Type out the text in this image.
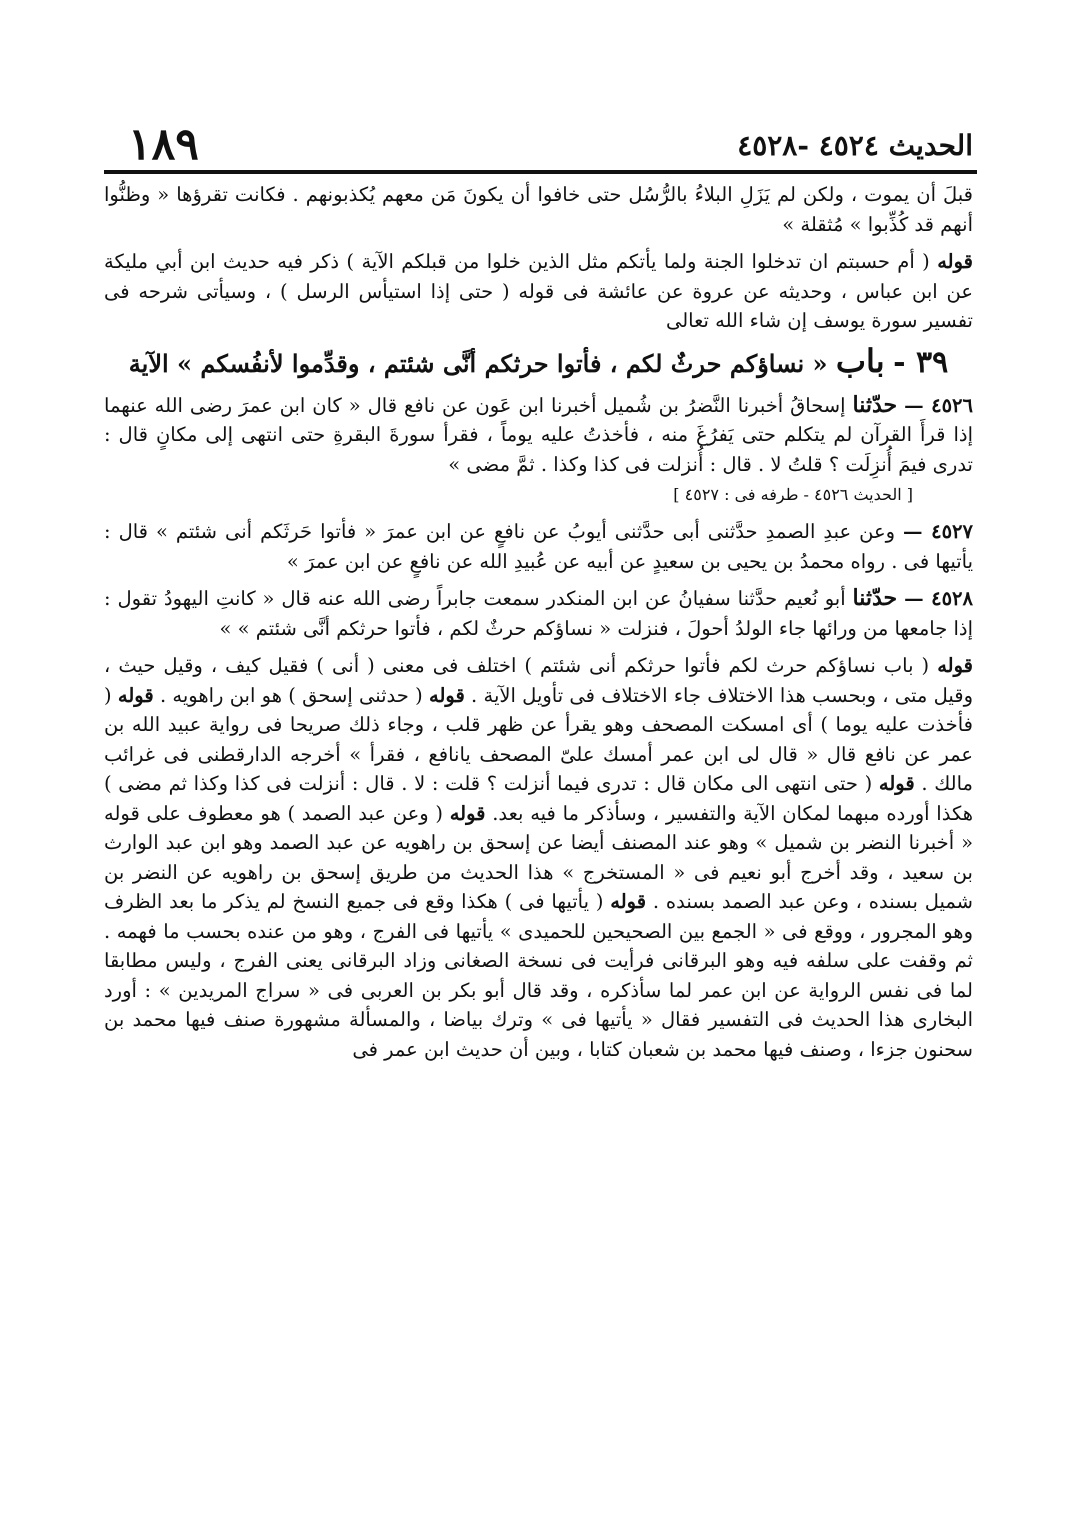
١٨٩	الحديث ٤٥٢٤ -٤٥٢٨

قبلَ أن يموت ، ولكن لم يَزَلِ البلاءُ بالرُّسُل حتى خافوا أن يكونَ مَن معهم يُكذبونهم . فكانت تقرؤها « وظنُّوا أنهم قد كُذِّبوا » مُثقلة »

قوله ( أم حسبتم ان تدخلوا الجنة ولما يأتكم مثل الذين خلوا من قبلكم الآية ) ذكر فيه حديث ابن أبي مليكة عن ابن عباس ، وحديثه عن عروة عن عائشة فى قوله ( حتى إذا استيأس الرسل ) ، وسيأتى شرحه فى تفسير سورة يوسف إن شاء الله تعالى

٣٩ - باب « نساؤكم حرثٌ لكم ، فأتوا حرثكم أنَّى شئتم ، وقدِّموا لأنفُسكم » الآية

٤٥٢٦ — حدّثنا إسحاقُ أخبرنا النَّضرُ بن شُميل أخبرنا ابن عَون عن نافع قال « كان ابن عمرَ رضى الله عنهما إذا قرأَ القرآن لم يتكلم حتى يَفرُغَ منه ، فأخذتُ عليه يوماً ، فقرأ سورةَ البقرةِ حتى انتهى إلى مكانٍ قال : تدرى فيمَ أُنزِلَت ؟ قلتُ لا . قال : أُنزلت فى كذا وكذا . ثمَّ مضى »

[ الحديث ٤٥٢٦ - طرفه فى : ٤٥٢٧ ]

٤٥٢٧ — وعن عبدِ الصمدِ حدَّثنى أبى حدَّثنى أيوبُ عن نافعٍ عن ابن عمرَ « فأتوا حَرثَكم أنى شئتم » قال : يأتيها فى . رواه محمدُ بن يحيى بن سعيدٍ عن أبيه عن عُبيدِ الله عن نافعٍ عن ابن عمرَ »

٤٥٢٨ — حدّثنا أبو نُعيم حدَّثنا سفيانُ عن ابن المنكدر سمعت جابراً رضى الله عنه قال « كانتِ اليهودُ تقول : إذا جامعها من ورائها جاء الولدُ أحولَ ، فنزلت « نساؤكم حرثٌ لكم ، فأتوا حرثكم أنَّى شئتم » »

قوله ( باب نساؤكم حرث لكم فأتوا حرثكم أنى شئتم ) اختلف فى معنى ( أنى ) فقيل كيف ، وقيل حيث ، وقيل متى ، وبحسب هذا الاختلاف جاء الاختلاف فى تأويل الآية . قوله ( حدثنى إسحق ) هو ابن راهويه . قوله ( فأخذت عليه يوما ) أى امسكت المصحف وهو يقرأ عن ظهر قلب ، وجاء ذلك صريحا فى رواية عبيد الله بن عمر عن نافع قال « قال لى ابن عمر أمسك علىّ المصحف يانافع ، فقرأ » أخرجه الدارقطنى فى غرائب مالك . قوله ( حتى انتهى الى مكان قال : تدرى فيما أنزلت ؟ قلت : لا . قال : أنزلت فى كذا وكذا ثم مضى ) هكذا أورده مبهما لمكان الآية والتفسير ، وسأذكر ما فيه بعد. قوله ( وعن عبد الصمد ) هو معطوف على قوله « أخبرنا النضر بن شميل » وهو عند المصنف أيضا عن إسحق بن راهويه عن عبد الصمد وهو ابن عبد الوارث بن سعيد ، وقد أخرج أبو نعيم فى « المستخرج » هذا الحديث من طريق إسحق بن راهويه عن النضر بن شميل بسنده ، وعن عبد الصمد بسنده . قوله ( يأتيها فى ) هكذا وقع فى جميع النسخ لم يذكر ما بعد الظرف وهو المجرور ، ووقع فى « الجمع بين الصحيحين للحميدى » يأتيها فى الفرج ، وهو من عنده بحسب ما فهمه . ثم وقفت على سلفه فيه وهو البرقانى فرأيت فى نسخة الصغانى وزاد البرقانى يعنى الفرج ، وليس مطابقا لما فى نفس الرواية عن ابن عمر لما سأذكره ، وقد قال أبو بكر بن العربى فى « سراج المريدين » : أورد البخارى هذا الحديث فى التفسير فقال « يأتيها فى » وترك بياضا ، والمسألة مشهورة صنف فيها محمد بن سحنون جزءا ، وصنف فيها محمد بن شعبان كتابا ، وبين أن حديث ابن عمر فى
